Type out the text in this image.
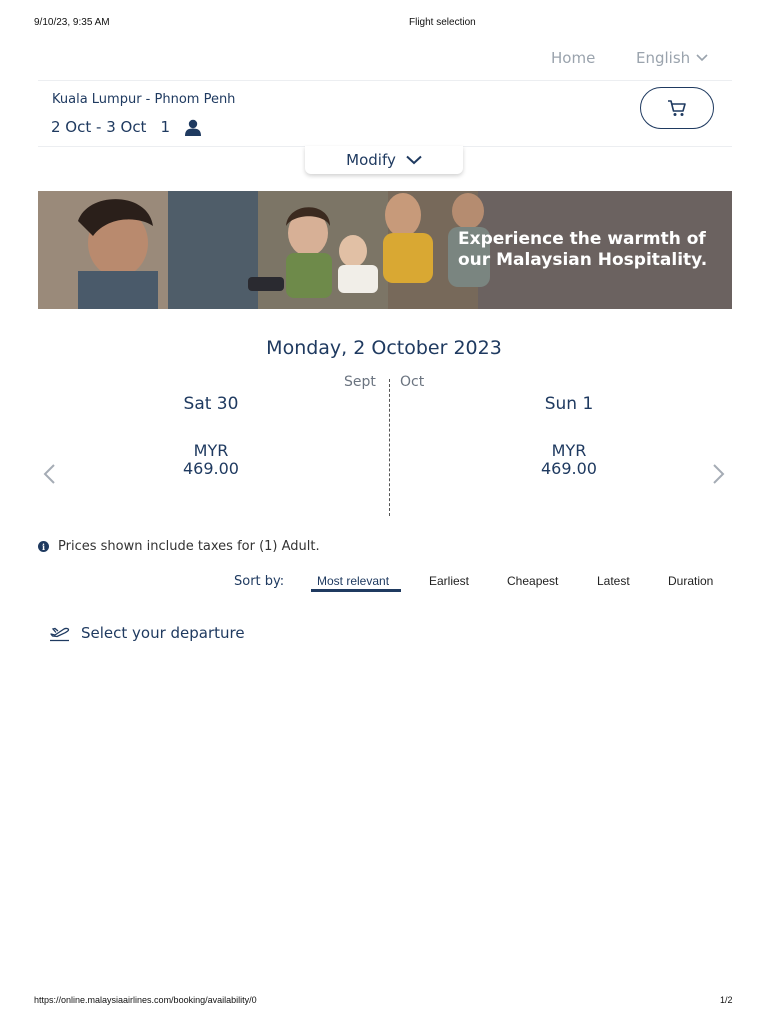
9/10/23, 9:35 AM	Flight selection
Home	English
Kuala Lumpur - Phnom Penh
2 Oct - 3 Oct 1
Modify
Experience the warmth of
our Malaysian Hospitality.
Monday, 2 October 2023
Sept Oct
Sat 30
MYR
469.00
Sun 1
MYR
469.00
i Prices shown include taxes for (1) Adult.
Sort by:	Most relevant	Earliest	Cheapest	Latest	Duration
Select your departure
https://online.malaysiaairlines.com/booking/availability/0	1/2
